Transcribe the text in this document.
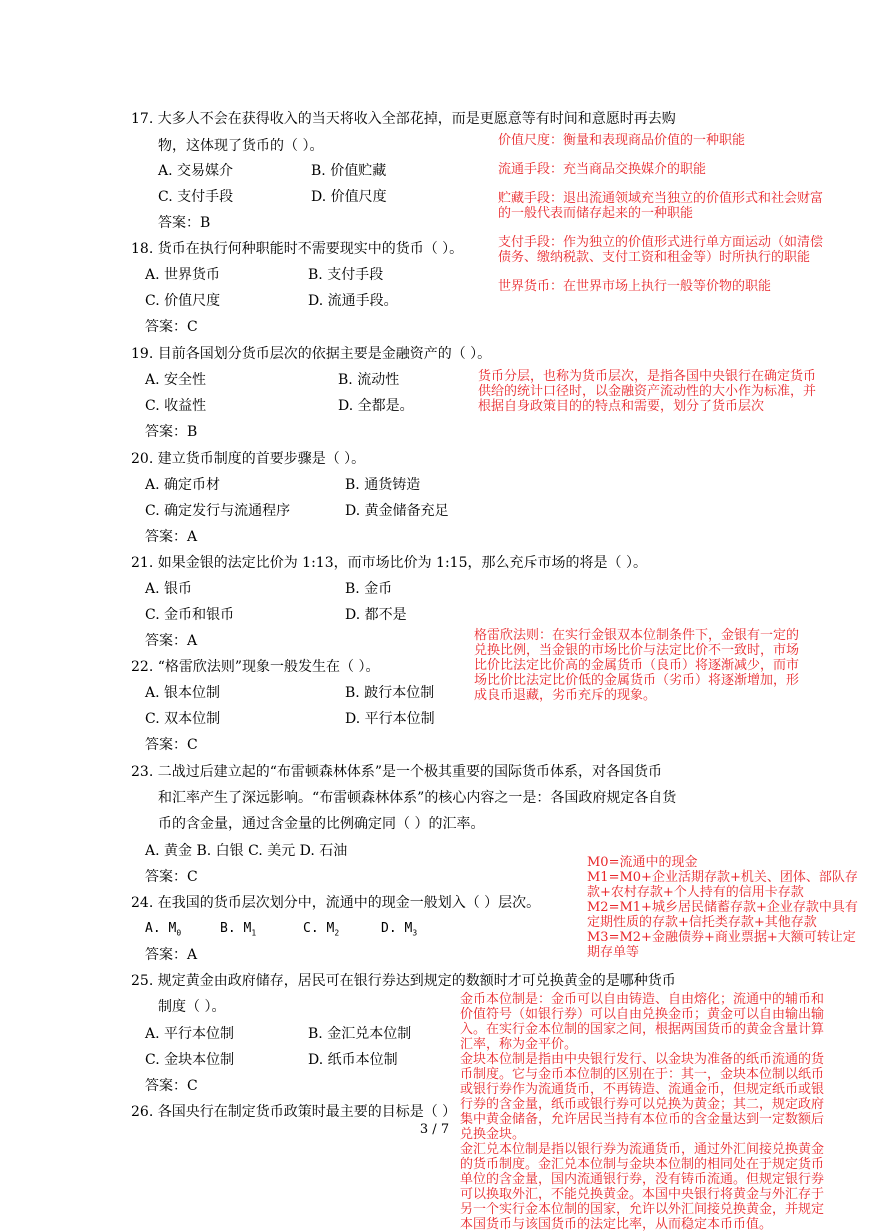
17. 大多人不会在获得收入的当天将收入全部花掉，而是更愿意等有时间和意愿时再去购
物，这体现了货币的（ ）。
A. 交易媒介	B. 价值贮藏
C. 支付手段	D. 价值尺度
答案：B
18. 货币在执行何种职能时不需要现实中的货币（ ）。
A. 世界货币	B. 支付手段
C. 价值尺度	D. 流通手段。
答案：C
19. 目前各国划分货币层次的依据主要是金融资产的（ ）。
A. 安全性	B. 流动性
C. 收益性	D. 全都是。
答案：B
20. 建立货币制度的首要步骤是（ ）。
A. 确定币材	B. 通货铸造
C. 确定发行与流通程序	D. 黄金储备充足
答案：A
21. 如果金银的法定比价为 1:13，而市场比价为 1:15，那么充斥市场的将是（ ）。
A. 银币	B. 金币
C. 金币和银币	D. 都不是
答案：A
22. “格雷欣法则”现象一般发生在（ ）。
A. 银本位制	B. 跛行本位制
C. 双本位制	D. 平行本位制
答案：C
23. 二战过后建立起的“布雷顿森林体系”是一个极其重要的国际货币体系，对各国货币
和汇率产生了深远影响。“布雷顿森林体系”的核心内容之一是：各国政府规定各自货
币的含金量，通过含金量的比例确定同（ ）的汇率。
A. 黄金 B. 白银 C. 美元 D. 石油
答案：C
24. 在我国的货币层次划分中，流通中的现金一般划入（ ）层次。
A. $M_0$	B. $M_1$	C. $M_2$	D. $M_3$
答案：A
25. 规定黄金由政府储存，居民可在银行券达到规定的数额时才可兑换黄金的是哪种货币
制度（ ）。
A. 平行本位制	B. 金汇兑本位制
C. 金块本位制	D. 纸币本位制
答案：C
26. 各国央行在制定货币政策时最主要的目标是（ ）
3 / 7
价值尺度：衡量和表现商品价值的一种职能
流通手段：充当商品交换媒介的职能
贮藏手段：退出流通领域充当独立的价值形式和社会财富
的一般代表而储存起来的一种职能
支付手段：作为独立的价值形式进行单方面运动（如清偿
债务、缴纳税款、支付工资和租金等）时所执行的职能
世界货币：在世界市场上执行一般等价物的职能
货币分层，也称为货币层次，是指各国中央银行在确定货币
供给的统计口径时，以金融资产流动性的大小作为标准，并
根据自身政策目的的特点和需要，划分了货币层次
格雷欣法则：在实行金银双本位制条件下，金银有一定的
兑换比例，当金银的市场比价与法定比价不一致时，市场
比价比法定比价高的金属货币（良币）将逐渐减少，而市
场比价比法定比价低的金属货币（劣币）将逐渐增加，形
成良币退藏，劣币充斥的现象。
M0=流通中的现金
M1=M0+企业活期存款+机关、团体、部队存
款+农村存款+个人持有的信用卡存款
M2=M1+城乡居民储蓄存款+企业存款中具有
定期性质的存款+信托类存款+其他存款
M3=M2+金融债券+商业票据+大额可转让定
期存单等
金币本位制是：金币可以自由铸造、自由熔化；流通中的辅币和
价值符号（如银行券）可以自由兑换金币；黄金可以自由输出输
入。在实行金本位制的国家之间，根据两国货币的黄金含量计算
汇率，称为金平价。
金块本位制是指由中央银行发行、以金块为准备的纸币流通的货
币制度。它与金币本位制的区别在于：其一，金块本位制以纸币
或银行券作为流通货币，不再铸造、流通金币，但规定纸币或银
行券的含金量，纸币或银行券可以兑换为黄金；其二，规定政府
集中黄金储备，允许居民当持有本位币的含金量达到一定数额后
兑换金块。
金汇兑本位制是指以银行券为流通货币，通过外汇间接兑换黄金
的货币制度。金汇兑本位制与金块本位制的相同处在于规定货币
单位的含金量，国内流通银行券，没有铸币流通。但规定银行券
可以换取外汇，不能兑换黄金。本国中央银行将黄金与外汇存于
另一个实行金本位制的国家，允许以外汇间接兑换黄金，并规定
本国货币与该国货币的法定比率，从而稳定本币币值。
